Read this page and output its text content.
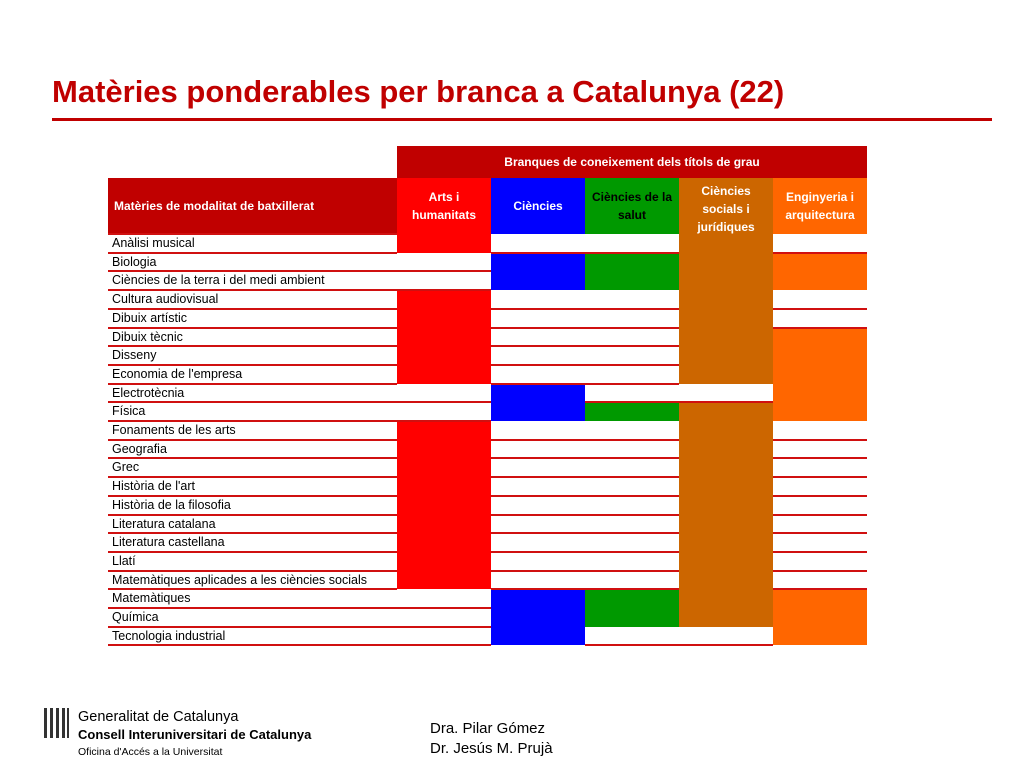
Matèries ponderables per branca a Catalunya (22)
Branques de coneixement dels títols de grau
Matèries de modalitat de batxillerat
Arts i humanitats
Ciències
Ciències de la salut
Ciències socials i jurídiques
Enginyeria i arquitectura
Anàlisi musical
Biologia
Ciències de la terra i del medi ambient
Cultura audiovisual
Dibuix artístic
Dibuix tècnic
Disseny
Economia de l'empresa
Electrotècnia
Física
Fonaments de les arts
Geografia
Grec
Història de l'art
Història de la filosofia
Literatura catalana
Literatura castellana
Llatí
Matemàtiques aplicades a les ciències socials
Matemàtiques
Química
Tecnologia industrial
Generalitat de Catalunya
Consell Interuniversitari de Catalunya
Oficina d'Accés a la Universitat
Dra. Pilar Gómez
Dr. Jesús M. Prujà
